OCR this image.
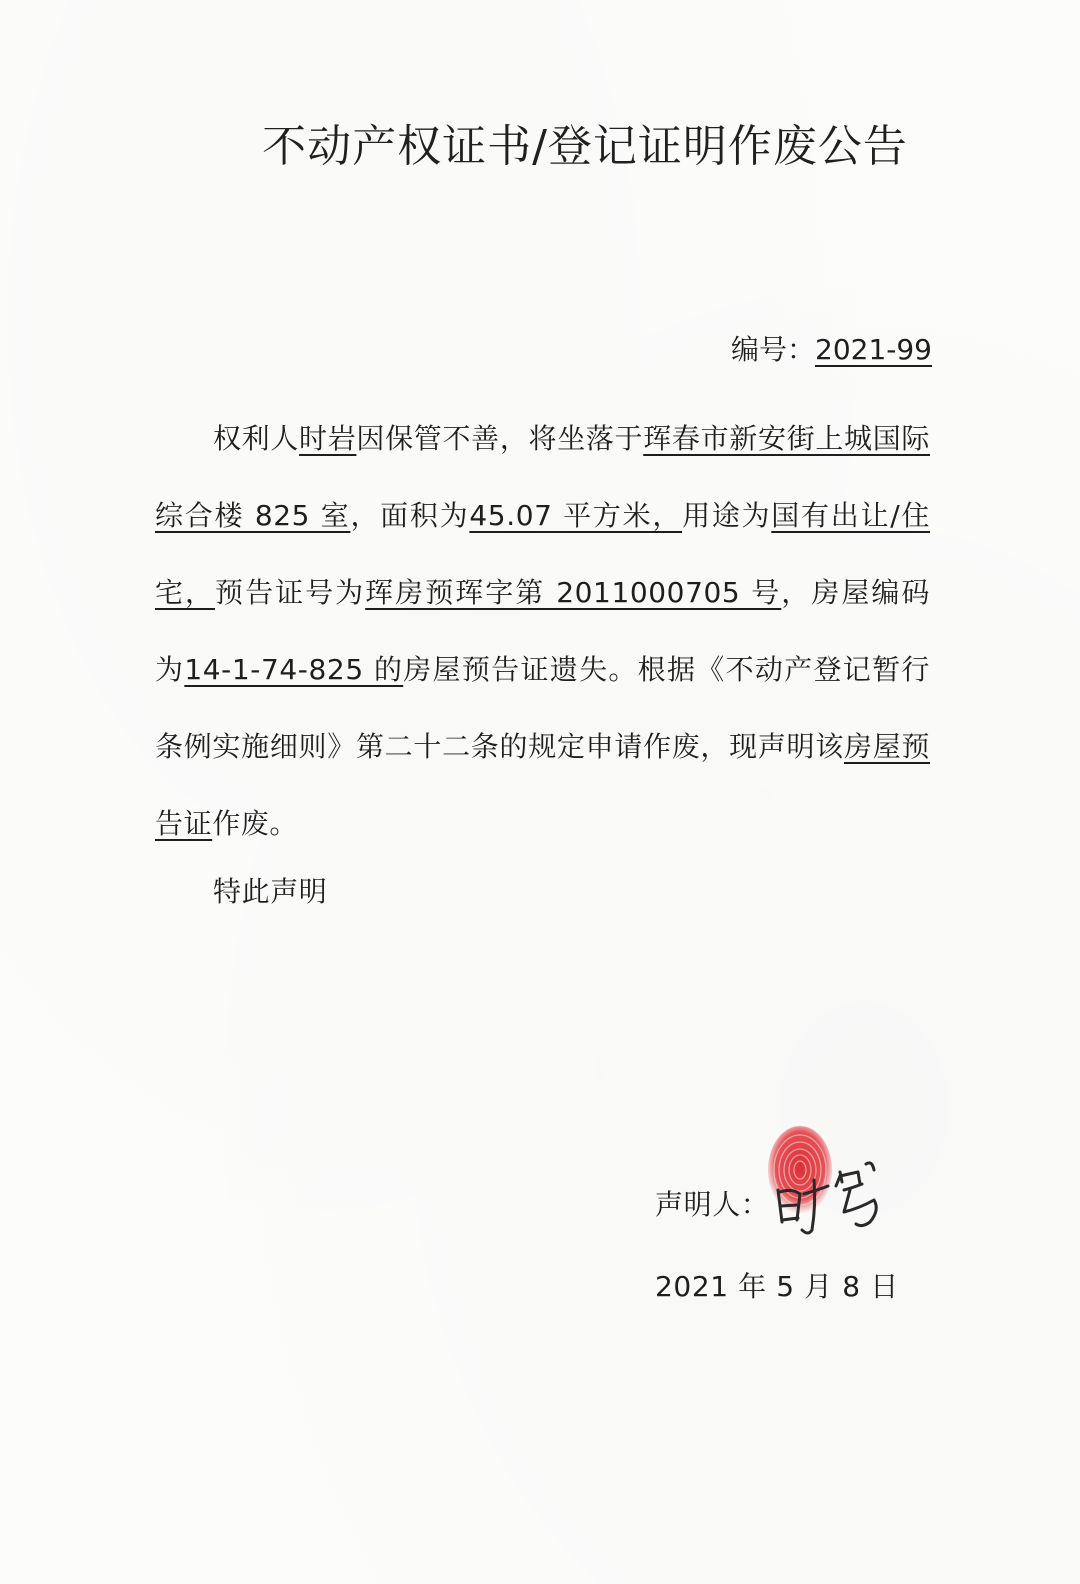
不动产权证书/登记证明作废公告
编号：2021-99

权利人时岩因保管不善，将坐落于珲春市新安街上城国际综合楼 825 室，面积为45.07 平方米，用途为国有出让/住宅，预告证号为珲房预珲字第 2011000705 号，房屋编码为14-1-74-825 的房屋预告证遗失。根据《不动产登记暂行条例实施细则》第二十二条的规定申请作废，现声明该房屋预告证作废。

特此声明
声明人：
2021 年 5 月 8 日
